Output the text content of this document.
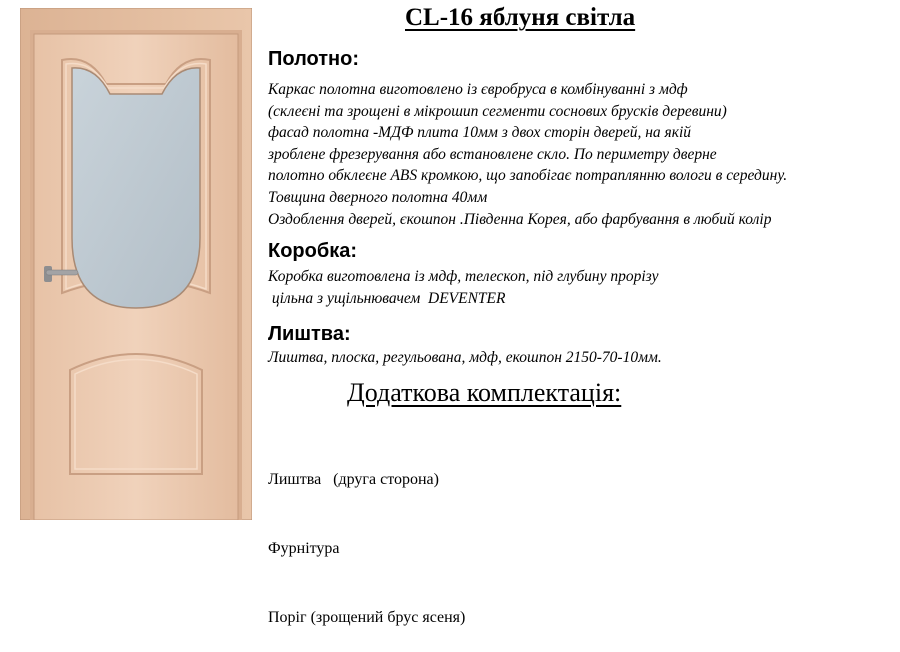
CL-16 яблуня світла
Полотно:
Каркас полотна виготовлено із євробруса в комбінуванні з мдф
(склеєні та зрощені в мікрошип сегменти соснових брусків деревини)
фасад полотна -МДФ плита 10мм з двох сторін дверей, на якій
зроблене фрезерування або встановлене скло. По периметру дверне
полотно обклеєне ABS кромкою, що запобігає потраплянню вологи в середину.
Товщина дверного полотна 40мм
Оздоблення дверей, єкошпон .Південна Корея, або фарбування в любий колір
Коробка:
Коробка виготовлена із мдф, телескоп, під глубину прорізу
цільна з ущільнювачем  DEVENTER
Лиштва:
Лиштва, плоска, регульована, мдф, екошпон 2150-70-10мм.
Додаткова комплектація:

Лиштва   (друга сторона)

Фурнітура

Поріг (зрощений брус ясеня)
